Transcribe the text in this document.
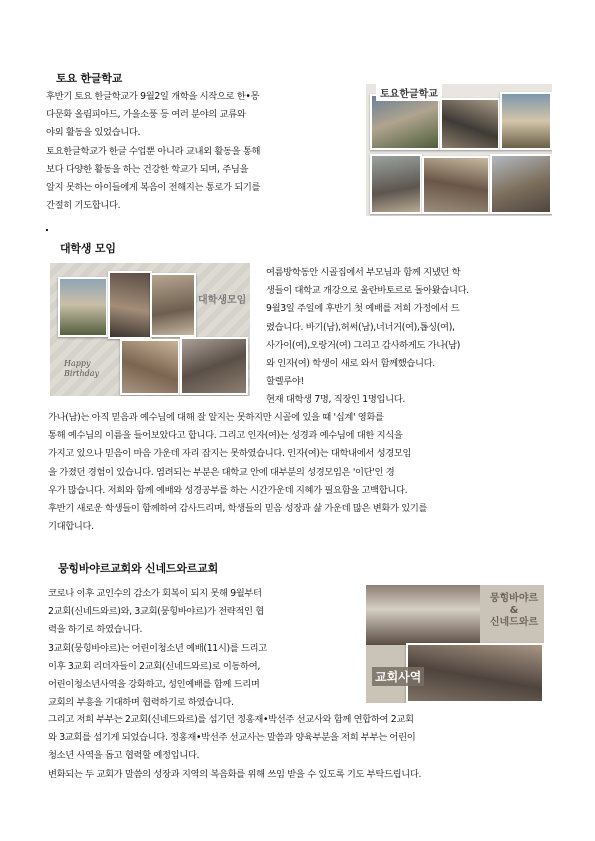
토요 한글학교
후반기 토요 한글학교가 9월2일 개학을 시작으로 한•몽
다문화 올림피아드, 가을소풍 등 여러 분야의 교류와
야외 활동을 있었습니다.
토요한글학교가 한글 수업뿐 아니라 교내외 활동을 통해
보다 다양한 활동을 하는 건강한 학교가 되며, 주님을
알지 못하는 아이들에게 복음이 전해지는 통로가 되기를
간절히 기도합니다.
토요한글학교
대학생 모임
대학생모임
Happy
Birthday
여름방학동안 시골집에서 부모님과 함께 지냈던 학
생들이 대학교 개강으로 울란바토르로 돌아왔습니다.
9월3일 주일에 후반기 첫 예배를 저희 가정에서 드
렸습니다. 바기(남),허써(남),너너거(여),톱싱(여),
사가이(여),오랑거(여) 그리고 감사하게도 가나(남)
와 인자(여) 학생이 새로 와서 함께했습니다.
할렐루야!
현재 대학생 7명, 직장인 1명입니다.
가나(남)는 아직 믿음과 예수님에 대해 잘 알지는 못하지만 시골에 있을 때 '십계' 영화를
통해 예수님의 이름을 들어보았다고 합니다. 그리고 인자(여)는 성경과 예수님에 대한 지식을
가지고 있으나 믿음이 마음 가운데 자리 잡지는 못하였습니다. 인자(여)는 대학내에서 성경모임
을 가졌던 경험이 있습니다. 염려되는 부분은 대학교 안에 대부분의 성경모임은 '이단'인 경
우가 많습니다. 저희와 함께 예배와 성경공부를 하는 시간가운데 지혜가 필요함을 고백합니다.
후반기 새로운 학생들이 함께하여 감사드리며, 학생들의 믿음 성장과 삶 가운데 많은 변화가 있기를
기대합니다.
뭉힝바야르교회와 신네드와르교회
코로나 이후 교인수의 감소가 회복이 되지 못해 9월부터
2교회(신네드와르)와, 3교회(뭉힝바야르)가 전략적인 협
력을 하기로 하였습니다.
3교회(뭉힝바야르)는 어린이청소년 예배(11시)를 드리고
이후 3교회 리더자들이 2교회(신네드와르)로 이동하여,
어린이청소년사역을 강화하고, 성인예배를 함께 드리며
교회의 부흥을 기대하며 협력하기로 하였습니다.
뭉힝바야르
&
신네드와르
교회사역
그리고 저희 부부는 2교회(신네드와르)를 섬기던 정홍재•박선주 선교사와 함께 연합하여 2교회
와 3교회를 섬기게 되었습니다. 정홍재•박선주 선교사는 말씀과 양육부분을 저희 부부는 어린이
청소년 사역을 돕고 협력할 예정입니다.
변화되는 두 교회가 말씀의 성장과 지역의 복음화를 위해 쓰임 받을 수 있도록 기도 부탁드립니다.
